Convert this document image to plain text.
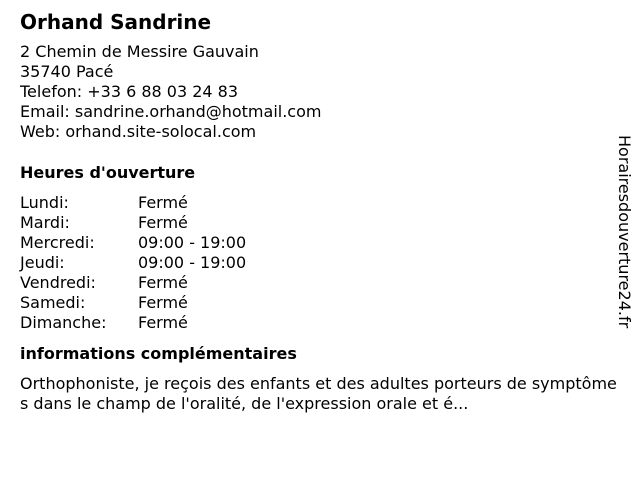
Orhand Sandrine
2 Chemin de Messire Gauvain
35740 Pacé
Telefon: +33 6 88 03 24 83
Email: sandrine.orhand@hotmail.com
Web: orhand.site-solocal.com
Heures d'ouverture
Lundi:	Fermé
Mardi:	Fermé
Mercredi:	09:00 - 19:00
Jeudi:	09:00 - 19:00
Vendredi:	Fermé
Samedi:	Fermé
Dimanche:	Fermé
informations complémentaires
Orthophoniste, je reçois des enfants et des adultes porteurs de symptômes dans le champ de l'oralité, de l'expression orale et é...
Horairesdouverture24.fr
